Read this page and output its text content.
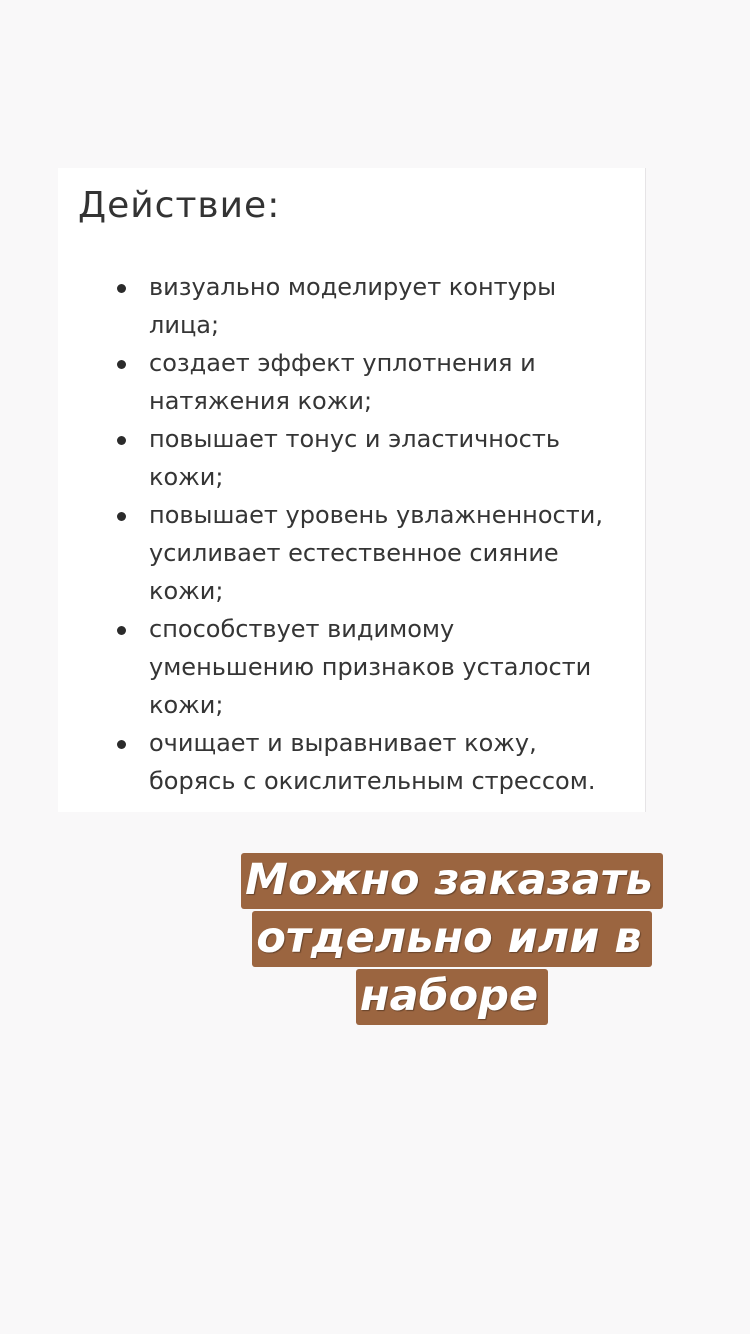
Действие:
визуально моделирует контуры лица;
создает эффект уплотнения и натяжения кожи;
повышает тонус и эластичность кожи;
повышает уровень увлажненности, усиливает естественное сияние кожи;
способствует видимому уменьшению признаков усталости кожи;
очищает и выравнивает кожу, борясь с окислительным стрессом.

Можно заказать
отдельно или в
наборе
